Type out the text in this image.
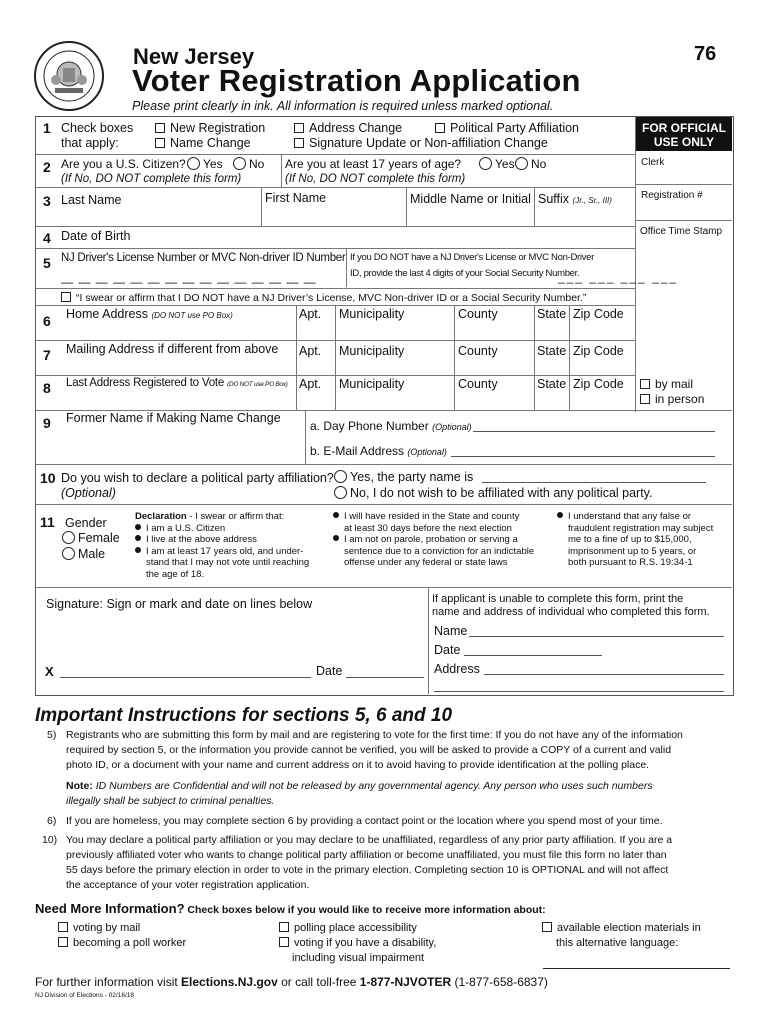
New Jersey
Voter Registration Application
76
Please print clearly in ink. All information is required unless marked optional.
FOR OFFICIAL
USE ONLY
Clerk
Registration #
Office Time Stamp
by mail
in person
1 Check boxes
that apply:
New Registration
Name Change
Address Change
Signature Update or Non-affiliation Change
Political Party Affiliation
2 Are you a U.S. Citizen?	Yes	No
(If No, DO NOT complete this form)
Are you at least 17 years of age?	Yes	No
(If No, DO NOT complete this form)
3 Last Name	First Name	Middle Name or Initial Suffix (Jr., Sr., III)
4 Date of Birth
5 NJ Driver's License Number or MVC Non-driver ID Number If you DO NOT have a NJ Driver's License or MVC Non-Driver
ID, provide the last 4 digits of your Social Security Number.
___ ___ ___ ___
— — — — — — — — — — — — — — —
“I swear or affirm that I DO NOT have a NJ Driver’s License, MVC Non-driver ID or a Social Security Number.”
6 Home Address (DO NOT use PO Box)	Apt. Municipality	County	State Zip Code
7 Mailing Address if different from above Apt. Municipality	County	State Zip Code
8 Last Address Registered to Vote (DO NOT use PO Box) Apt. Municipality	County	State Zip Code
9 Former Name if Making Name Change
a. Day Phone Number (Optional)
b. E-Mail Address (Optional)
10 Do you wish to declare a political party affiliation?
(Optional)
Yes, the party name is
No, I do not wish to be affiliated with any political party.
11 Gender
Female
Male
Declaration - I swear or affirm that:
I am a U.S. Citizen
I live at the above address
I am at least 17 years old, and under-
stand that I may not vote until reaching
the age of 18.
I will have resided in the State and county
at least 30 days before the next election
I am not on parole, probation or serving a
sentence due to a conviction for an indictable
offense under any federal or state laws
I understand that any false or
fraudulent registration may subject
me to a fine of up to $15,000,
imprisonment up to 5 years, or
both pursuant to R.S. 19:34-1
Signature: Sign or mark and date on lines below
X	Date
If applicant is unable to complete this form, print the
name and address of individual who completed this form.
Name
Date
Address
Important Instructions for sections 5, 6 and 10
5) Registrants who are submitting this form by mail and are registering to vote for the first time: If you do not have any of the information
required by section 5, or the information you provide cannot be verified, you will be asked to provide a COPY of a current and valid
photo ID, or a document with your name and current address on it to avoid having to provide identification at the polling place.
Note: ID Numbers are Confidential and will not be released by any governmental agency. Any person who uses such numbers
illegally shall be subject to criminal penalties.
6) If you are homeless, you may complete section 6 by providing a contact point or the location where you spend most of your time.
10) You may declare a political party affiliation or you may declare to be unaffiliated, regardless of any prior party affiliation. If you are a
previously affiliated voter who wants to change political party affiliation or become unaffiliated, you must file this form no later than
55 days before the primary election in order to vote in the primary election. Completing section 10 is OPTIONAL and will not affect
the acceptance of your voter registration application.
Need More Information? Check boxes below if you would like to receive more information about:
voting by mail
becoming a poll worker
polling place accessibility
voting if you have a disability,
including visual impairment
available election materials in
this alternative language:
For further information visit Elections.NJ.gov or call toll-free 1-877-NJVOTER (1-877-658-6837)
NJ Division of Elections - 02/16/18
